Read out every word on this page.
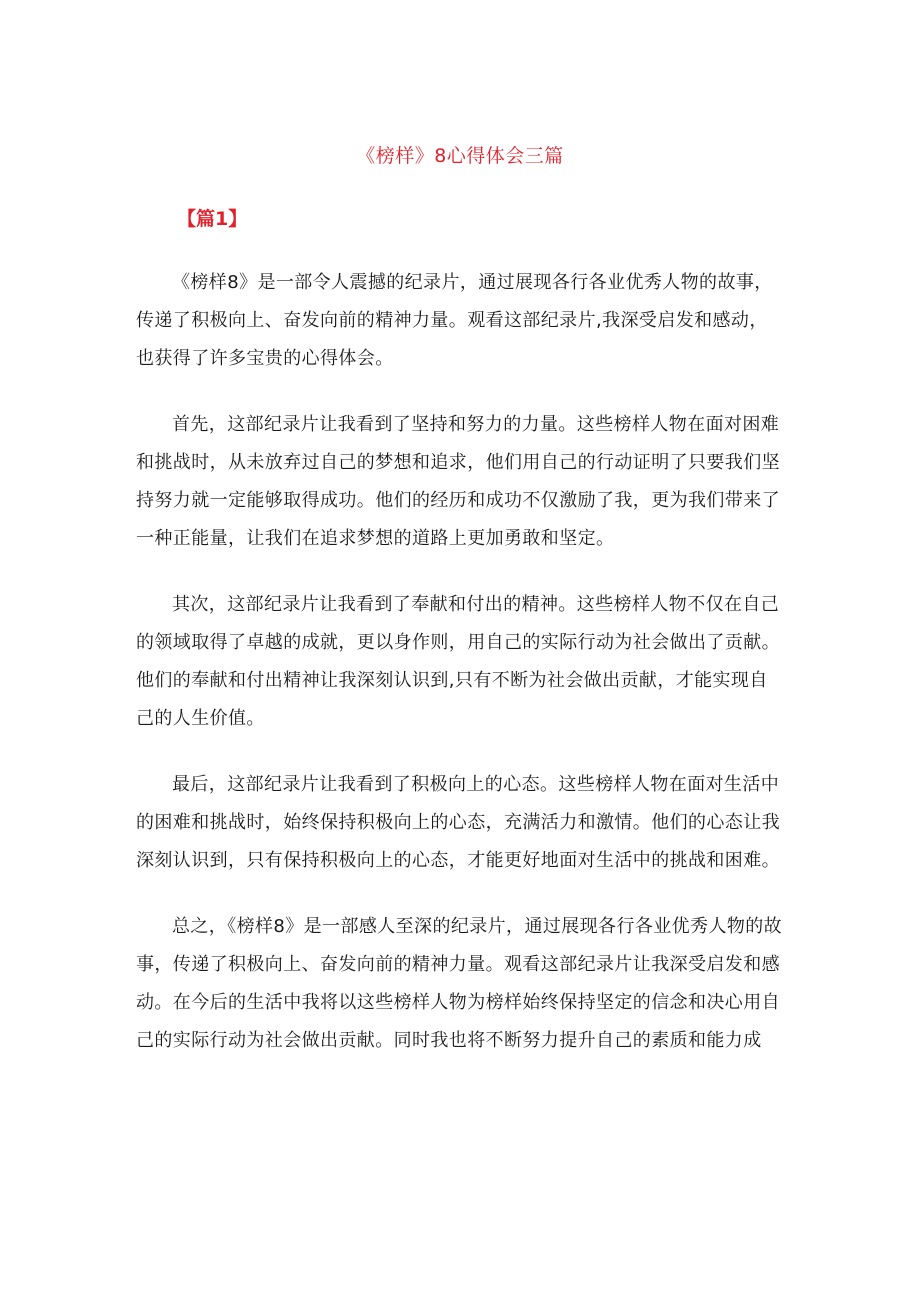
《榜样》8心得体会三篇
【篇1】

《榜样8》是一部令人震撼的纪录片，通过展现各行各业优秀人物的故事，传递了积极向上、奋发向前的精神力量。观看这部纪录片,我深受启发和感动，也获得了许多宝贵的心得体会。

首先，这部纪录片让我看到了坚持和努力的力量。这些榜样人物在面对困难和挑战时，从未放弃过自己的梦想和追求，他们用自己的行动证明了只要我们坚持努力就一定能够取得成功。他们的经历和成功不仅激励了我，更为我们带来了一种正能量，让我们在追求梦想的道路上更加勇敢和坚定。

其次，这部纪录片让我看到了奉献和付出的精神。这些榜样人物不仅在自己的领域取得了卓越的成就，更以身作则，用自己的实际行动为社会做出了贡献。他们的奉献和付出精神让我深刻认识到,只有不断为社会做出贡献，才能实现自己的人生价值。

最后，这部纪录片让我看到了积极向上的心态。这些榜样人物在面对生活中的困难和挑战时，始终保持积极向上的心态，充满活力和激情。他们的心态让我深刻认识到，只有保持积极向上的心态，才能更好地面对生活中的挑战和困难。

总之，《榜样8》是一部感人至深的纪录片，通过展现各行各业优秀人物的故事，传递了积极向上、奋发向前的精神力量。观看这部纪录片让我深受启发和感动。在今后的生活中我将以这些榜样人物为榜样始终保持坚定的信念和决心用自己的实际行动为社会做出贡献。同时我也将不断努力提升自己的素质和能力成
